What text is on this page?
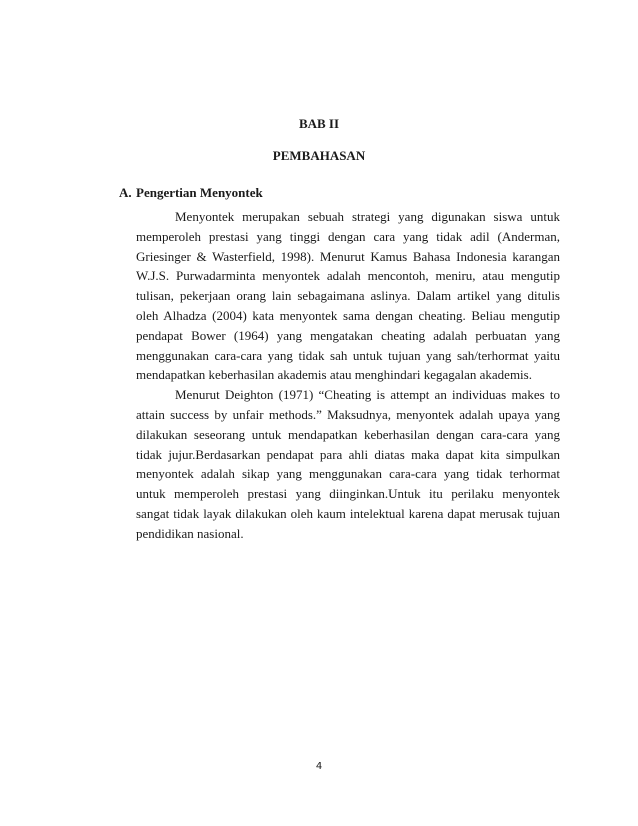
BAB II
PEMBAHASAN
A. Pengertian Menyontek

Menyontek merupakan sebuah strategi yang digunakan siswa untuk memperoleh prestasi yang tinggi dengan cara yang tidak adil (Anderman, Griesinger & Wasterfield, 1998). Menurut Kamus Bahasa Indonesia karangan W.J.S. Purwadarminta menyontek adalah mencontoh, meniru, atau mengutip tulisan, pekerjaan orang lain sebagaimana aslinya. Dalam artikel yang ditulis oleh Alhadza (2004) kata menyontek sama dengan cheating. Beliau mengutip pendapat Bower (1964) yang mengatakan cheating adalah perbuatan yang menggunakan cara-cara yang tidak sah untuk tujuan yang sah/terhormat yaitu mendapatkan keberhasilan akademis atau menghindari kegagalan akademis.

Menurut Deighton (1971) “Cheating is attempt an individuas makes to attain success by unfair methods.” Maksudnya, menyontek adalah upaya yang dilakukan seseorang untuk mendapatkan keberhasilan dengan cara-cara yang tidak jujur.Berdasarkan pendapat para ahli diatas maka dapat kita simpulkan menyontek adalah sikap yang menggunakan cara-cara yang tidak terhormat untuk memperoleh prestasi yang diinginkan.Untuk itu perilaku menyontek sangat tidak layak dilakukan oleh kaum intelektual karena dapat merusak tujuan pendidikan nasional.

4
